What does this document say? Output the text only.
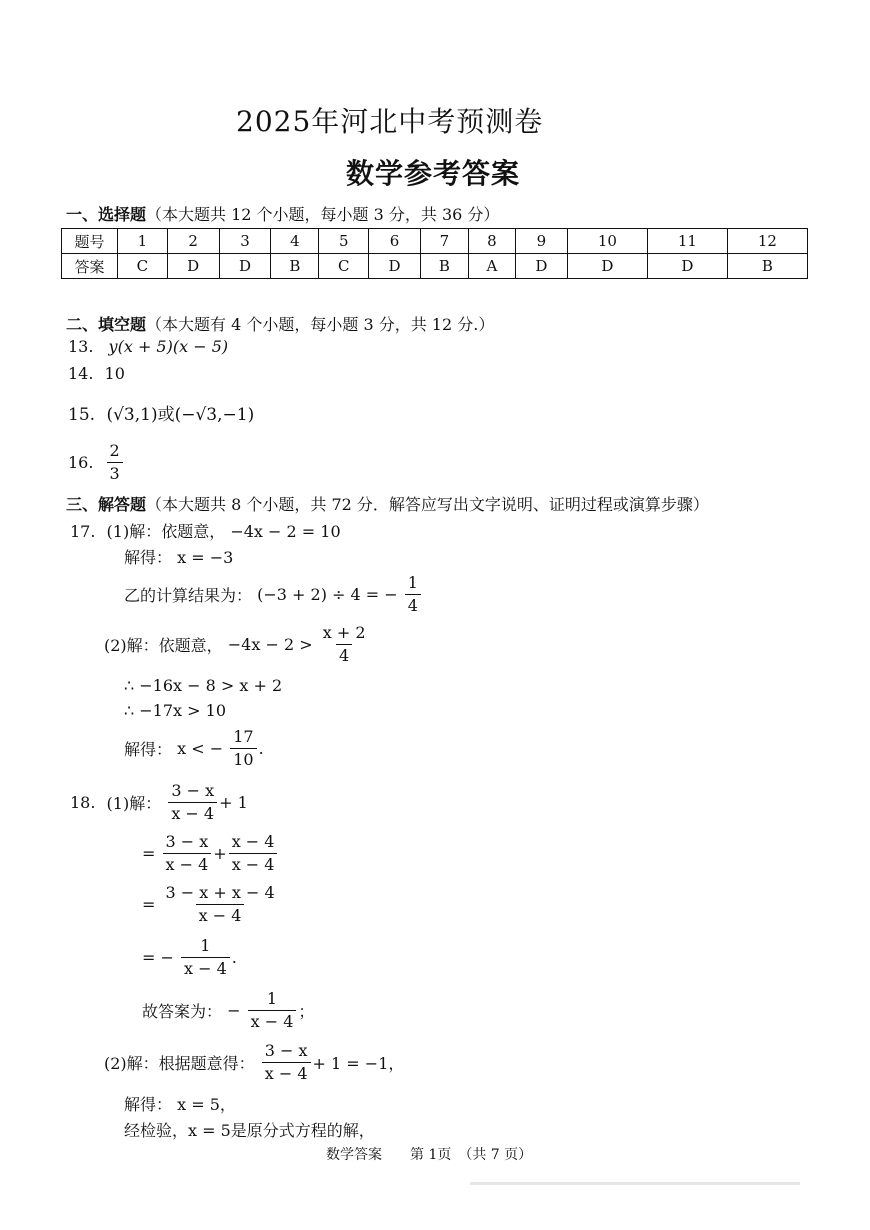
2025年河北中考预测卷
数学参考答案
一、选择题（本大题共 12 个小题，每小题 3 分，共 36 分）
题号	1	2	3	4	5	6	7	8	9	10	11	12
答案	C	D	D	B	C	D	B	A	D	D	D	B
二、填空题（本大题有 4 个小题，每小题 3 分，共 12 分.）
13. y(x + 5)(x − 5)
14. 10
15. (√3,1)或(−√3,−1)
16. $\frac{2}{3}$
三、解答题（本大题共 8 个小题，共 72 分．解答应写出文字说明、证明过程或演算步骤）
17. (1)解：依题意， −4x − 2 = 10
解得： x = −3
乙的计算结果为： (−3 + 2) ÷ 4 = − $\frac{1}{4}$
(2)解：依题意， $-4x - 2 > \frac{x + 2}{4}$
∴ −16x − 8 > x + 2
∴ −17x > 10
解得： x < − $\frac{17}{10}$ .
18. (1)解： $\frac{3 - x}{x - 4} + 1$
= $\frac{3 - x}{x - 4} + \frac{x - 4}{x - 4}$
= $\frac{3 - x + x - 4}{x - 4}$
= − $\frac{1}{x - 4}$ .
故答案为： − $\frac{1}{x - 4}$ ；
(2)解：根据题意得： $\frac{3 - x}{x - 4} + 1 = -1$，
解得： x = 5，
经检验，x = 5是原分式方程的解，
数学答案　　第 1页　（共 7 页）
